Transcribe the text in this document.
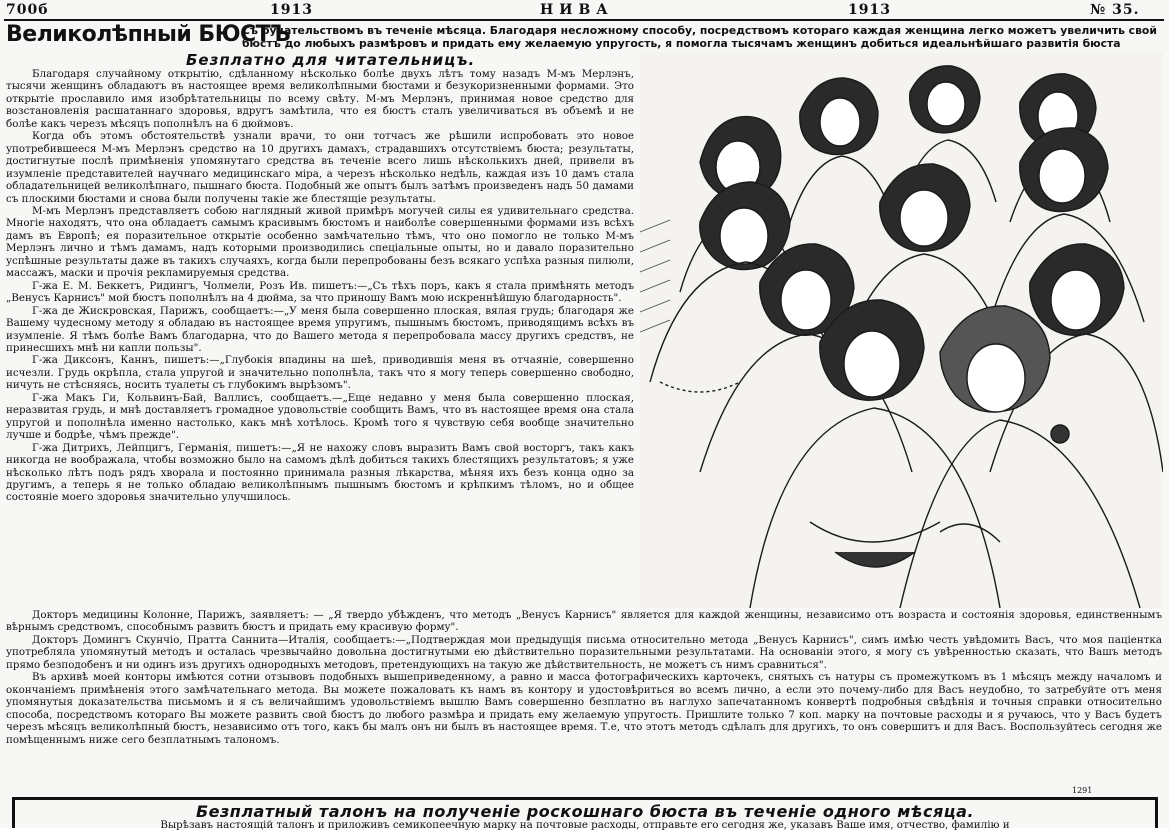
700б	1913	НИВА	1913	№ 35.
Великолѣпный БЮСТЪ
Съ ручательствомъ въ теченіе мѣсяца. Благодаря несложному способу, посредствомъ котораго каждая женщина легко можетъ увеличить свой бюстъ до любыхъ размѣровъ и придать ему желаемую упругость, я помогла тысячамъ женщинъ добиться идеальнѣйшаго развитія бюста
Безплатно для читательницъ.

Благодаря случайному открытію, сдѣланному нѣсколько болѣе двухъ лѣтъ тому назадъ М-мъ Мерлэнъ, тысячи женщинъ обладаютъ въ настоящее время великолѣпными бюстами и безукоризненными формами. Это открытіе прославило имя изобрѣтательницы по всему свѣту. М-мъ Мерлэнъ, принимая новое средство для возстановленія расшатаннаго здоровья, вдругъ замѣтила, что ея бюстъ сталъ увеличиваться въ объемѣ и не болѣе какъ черезъ мѣсяцъ пополнѣлъ на 6 дюймовъ.

Когда объ этомъ обстоятельствѣ узнали врачи, то они тотчасъ же рѣшили испробовать это новое употребившееся М-мъ Мерлэнъ средство на 10 другихъ дамахъ, страдавшихъ отсутствіемъ бюста; результаты, достигнутые послѣ примѣненія упомянутаго средства въ теченіе всего лишь нѣсколькихъ дней, привели въ изумленіе представителей научнаго медицинскаго міра, а черезъ нѣсколько недѣль, каждая изъ 10 дамъ стала обладательницей великолѣпнаго, пышнаго бюста. Подобный же опытъ былъ затѣмъ произведенъ надъ 50 дамами съ плоскими бюстами и снова были получены такіе же блестящіе результаты.

М-мъ Мерлэнъ представляетъ собою наглядный живой примѣръ могучей силы ея удивительнаго средства. Многіе находятъ, что она обладаетъ самымъ красивымъ бюстомъ и наиболѣе совершенными формами изъ всѣхъ дамъ въ Европѣ; ея поразительное открытіе особенно замѣчательно тѣмъ, что оно помогло не только М-мъ Мерлэнъ лично и тѣмъ дамамъ, надъ которыми производились спеціальные опыты, но и давало поразительно успѣшные результаты даже въ такихъ случаяхъ, когда были перепробованы безъ всякаго успѣха разныя пилюли, массажъ, маски и прочія рекламируемыя средства.

Г-жа Е. М. Беккетъ, Ридингъ, Чолмели, Розъ Ив. пишетъ:—„Съ тѣхъ поръ, какъ я стала примѣнять методъ „Венусъ Карнисъ" мой бюстъ пополнѣлъ на 4 дюйма, за что приношу Вамъ мою искреннѣйшую благодарность".

Г-жа де Жискровская, Парижъ, сообщаетъ:—„У меня была совершенно плоская, вялая грудь; благодаря же Вашему чудесному методу я обладаю въ настоящее время упругимъ, пышнымъ бюстомъ, приводящимъ всѣхъ въ изумленіе. Я тѣмъ болѣе Вамъ благодарна, что до Вашего метода я перепробовала массу другихъ средствъ, не принесшихъ мнѣ ни капли пользы".

Г-жа Диксонъ, Каннъ, пишетъ:—„Глубокія впадины на шеѣ, приводившія меня въ отчаяніе, совершенно исчезли. Грудь окрѣпла, стала упругой и значительно пополнѣла, такъ что я могу теперь совершенно свободно, ничуть не стѣсняясь, носить туалеты съ глубокимъ вырѣзомъ".

Г-жа Макъ Ги, Кольвинъ-Бай, Валлисъ, сообщаетъ.—„Еще недавно у меня была совершенно плоская, неразвитая грудь, и мнѣ доставляетъ громадное удовольствіе сообщить Вамъ, что въ настоящее время она стала упругой и пополнѣла именно настолько, какъ мнѣ хотѣлось. Кромѣ того я чувствую себя вообще значительно лучше и бодрѣе, чѣмъ прежде".

Г-жа Дитрихъ, Лейпцигъ, Германія, пишетъ:—„Я не нахожу словъ выразить Вамъ свой восторгъ, такъ какъ никогда не воображала, чтобы возможно было на самомъ дѣлѣ добиться такихъ блестящихъ результатовъ; я уже нѣсколько лѣтъ подъ рядъ хворала и постоянно принимала разныя лѣкарства, мѣняя ихъ безъ конца одно за другимъ, а теперь я не только обладаю великолѣпнымъ пышнымъ бюстомъ и крѣпкимъ тѣломъ, но и общее состояніе моего здоровья значительно улучшилось.

Докторъ медицины Колонне, Парижъ, заявляетъ: — „Я твердо убѣжденъ, что методъ „Венусъ Карнисъ" является для каждой женщины, независимо отъ возраста и состоянія здоровья, единственнымъ вѣрнымъ средствомъ, способнымъ развить бюстъ и придать ему красивую форму".

Докторъ Домингъ Скунчіо, Пратта Саннита—Италія, сообщаетъ:—„Подтверждая мои предыдущія письма относительно метода „Венусъ Карнисъ", симъ имѣю честь увѣдомить Васъ, что моя паціентка употребляла упомянутый методъ и осталась чрезвычайно довольна достигнутыми ею дѣйствительно поразительными результатами. На основаніи этого, я могу съ увѣренностью сказать, что Вашъ методъ прямо безподобенъ и ни одинъ изъ другихъ однородныхъ методовъ, претендующихъ на такую же дѣйствительность, не можетъ съ нимъ сравниться".

Въ архивѣ моей конторы имѣются сотни отзывовъ подобныхъ вышеприведенному, а равно и масса фотографическихъ карточекъ, снятыхъ съ натуры съ промежуткомъ въ 1 мѣсяцъ между началомъ и окончаніемъ примѣненія этого замѣчательнаго метода. Вы можете пожаловать къ намъ въ контору и удостовѣриться во всемъ лично, а если это почему-либо для Васъ неудобно, то затребуйте отъ меня упомянутыя доказательства письмомъ и я съ величайшимъ удовольствіемъ вышлю Вамъ совершенно безплатно въ наглухо запечатанномъ конвертѣ подробныя свѣдѣнія и точныя справки относительно способа, посредствомъ котораго Вы можете развить свой бюстъ до любого размѣра и придать ему желаемую упругость. Пришлите только 7 коп. марку на почтовые расходы и я ручаюсь, что у Васъ будетъ черезъ мѣсяцъ великолѣпный бюстъ, независимо отъ того, какъ бы малъ онъ ни былъ въ настоящее время. Т.е, что этотъ методъ сдѣлалъ для другихъ, то онъ совершитъ и для Васъ. Воспользуйтесь сегодня же помѣщеннымъ ниже сего безплатнымъ талономъ.

1291
Безплатный талонъ на полученіе роскошнаго бюста въ теченіе одного мѣсяца.
Вырѣзавъ настоящій талонъ и приложивъ семикопеечную марку на почтовые расходы, отправьте его сегодня же, указавъ Ваше имя, отчество, фамилію и
